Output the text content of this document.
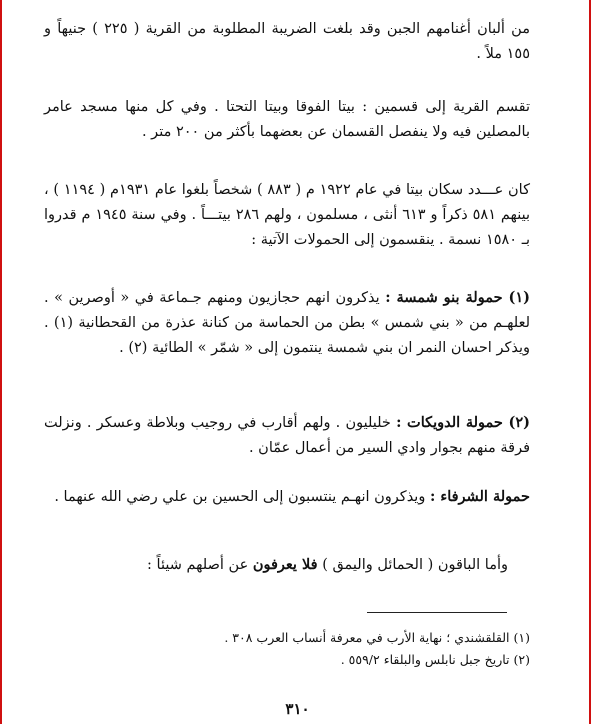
من ألبان أغنامهم الجبن وقد بلغت الضريبة المطلوبة من القرية ( ٢٢٥ ) جنيهاً و ١٥٥ ملاً .

تقسم القرية إلى قسمين : بيتا الفوقا وبيتا التحتا . وفي كل منها مسجد عامر بالمصلين فيه ولا ينفصل القسمان عن بعضهما بأكثر من ٢٠٠ متر .

كان عـــدد سكان بيتا في عام ١٩٢٢ م ( ٨٨٣ ) شخصاً بلغوا عام ١٩٣١م ( ١١٩٤ ) ، بينهم ٥٨١ ذكراً و ٦١٣ أنثى ، مسلمون ، ولهم ٢٨٦ بيتـــاً . وفي سنة ١٩٤٥ م قدروا بـ ١٥٨٠ نسمة . ينقسمون إلى الحمولات الآتية :

(١) حمولة بنو شمسة : يذكرون انهم حجازيون ومنهم جـماعة في « أوصرين » . لعلهـم من « بني شمس » بطن من الحماسة من كنانة عذرة من القحطانية (١) . ويذكر احسان النمر ان بني شمسة ينتمون إلى « شمّر » الطائية (٢) .

(٢) حمولة الدويكات : خليليون . ولهم أقارب في روجيب وبلاطة وعسكر . ونزلت فرقة منهم بجوار وادي السير من أعمال عمّان .

حمولة الشرفاء : ويذكرون انهـم ينتسبون إلى الحسين بن علي رضي الله عنهما .

وأما الباقون ( الحمائل واليمق ) فلا يعرفون عن أصلهم شيئاً :

(١) القلقشندي ؛ نهاية الأرب في معرفة أنساب العرب ٣٠٨ .

(٢) تاريخ جبل نابلس والبلقاء ٥٥٩/٢ .

٣١٠
